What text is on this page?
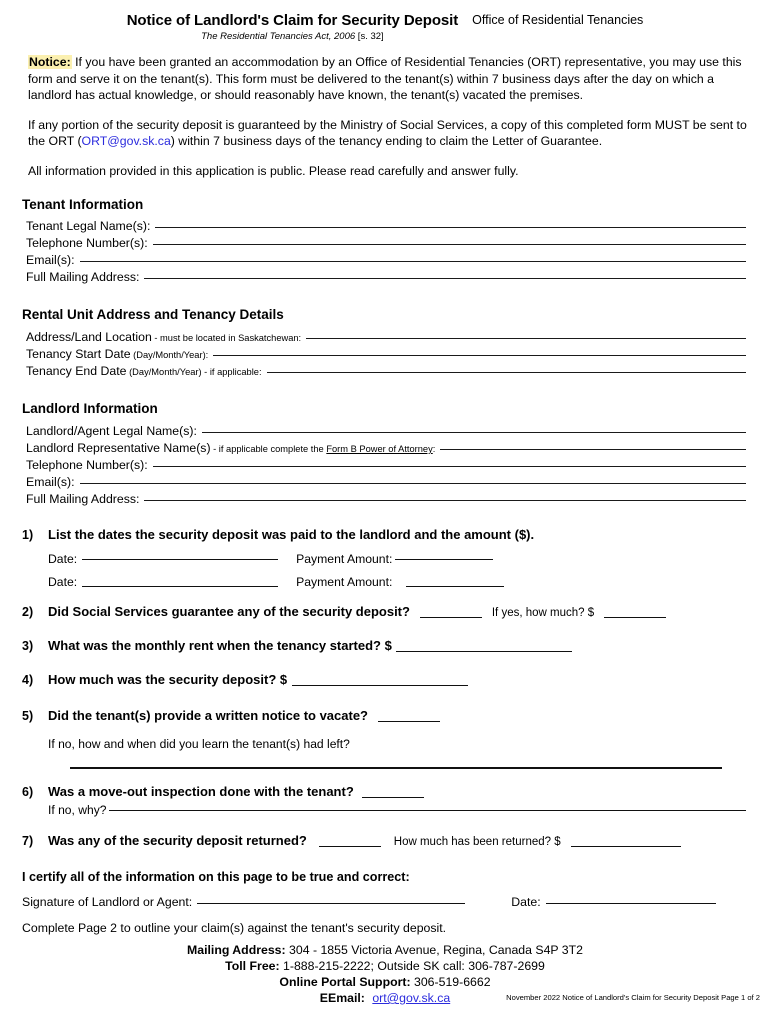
Notice of Landlord's Claim for Security Deposit
The Residential Tenancies Act, 2006 [s. 32]
Office of Residential Tenancies
Notice: If you have been granted an accommodation by an Office of Residential Tenancies (ORT) representative, you may use this form and serve it on the tenant(s). This form must be delivered to the tenant(s) within 7 business days after the day on which a landlord has actual knowledge, or should reasonably have known, the tenant(s) vacated the premises.
If any portion of the security deposit is guaranteed by the Ministry of Social Services, a copy of this completed form MUST be sent to the ORT (ORT@gov.sk.ca) within 7 business days of the tenancy ending to claim the Letter of Guarantee.
All information provided in this application is public. Please read carefully and answer fully.
Tenant Information
Tenant Legal Name(s):
Telephone Number(s):
Email(s):
Full Mailing Address:
Rental Unit Address and Tenancy Details
Address/Land Location - must be located in Saskatchewan:
Tenancy Start Date (Day/Month/Year):
Tenancy End Date (Day/Month/Year) - if applicable:
Landlord Information
Landlord/Agent Legal Name(s):
Landlord Representative Name(s) - if applicable complete the Form B Power of Attorney:
Telephone Number(s):
Email(s):
Full Mailing Address:
1)	List the dates the security deposit was paid to the landlord and the amount ($).
Date:	Payment Amount:
Date:	Payment Amount:
2)	Did Social Services guarantee any of the security deposit?	If yes, how much? $
3)	What was the monthly rent when the tenancy started? $
4)	How much was the security deposit? $
5)	Did the tenant(s) provide a written notice to vacate?
If no, how and when did you learn the tenant(s) had left?
6)	Was a move-out inspection done with the tenant?
If no, why?
7)	Was any of the security deposit returned?	How much has been returned? $
I certify all of the information on this page to be true and correct:
Signature of Landlord or Agent:	Date:
Complete Page 2 to outline your claim(s) against the tenant's security deposit.
Mailing Address: 304 - 1855 Victoria Avenue, Regina, Canada S4P 3T2
Toll Free: 1-888-215-2222; Outside SK call: 306-787-2699
Online Portal Support: 306-519-6662
EEmail: ort@gov.sk.ca	November 2022 Notice of Landlord's Claim for Security Deposit Page 1 of 2
